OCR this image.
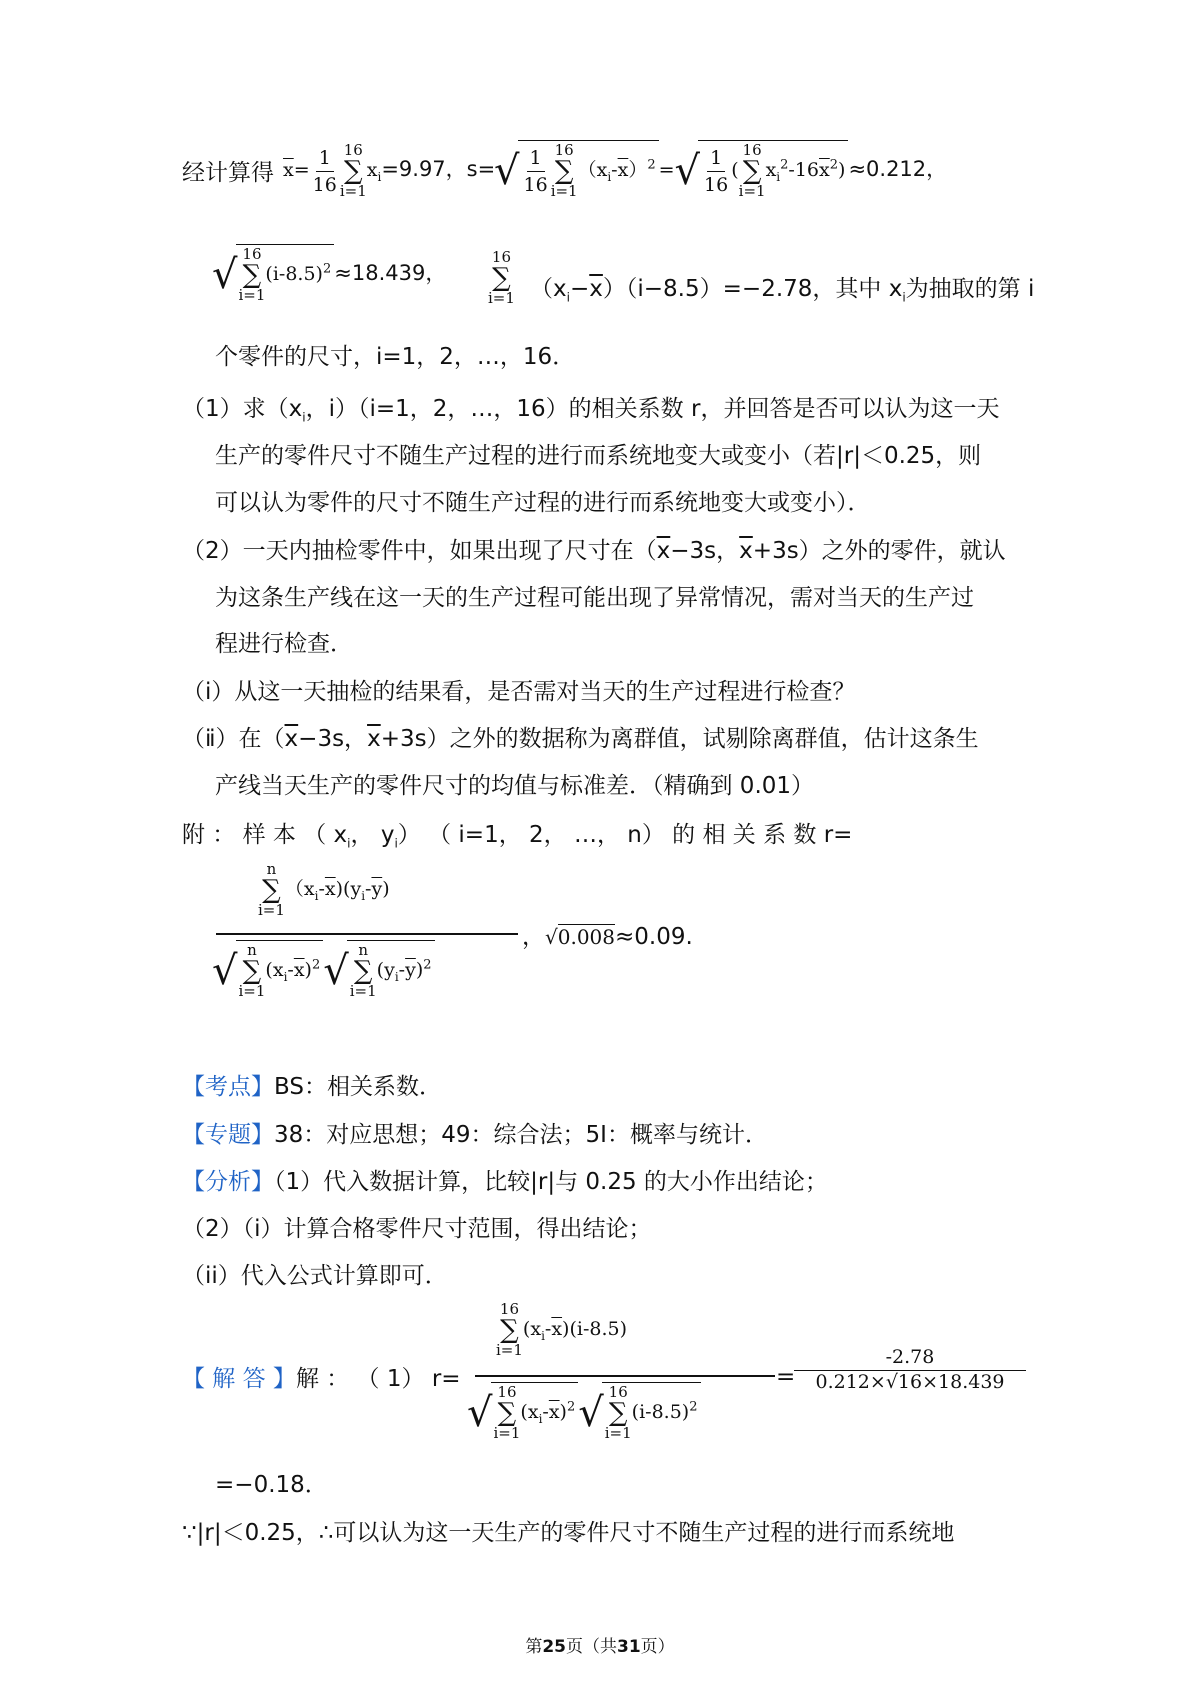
经计算得 $\overline{x}= \frac{1}{16} 16$
∑
i=1
$x_i=9.97$，s=
√ $\frac{1}{16} 16$
∑
i=1
$(x_i-\overline{x})^2$ =√ $\frac{1}{16}$ (
16
∑
i=1
$x_i^2-16\overline{x}^2) \approx 0.212$，
√ 16
∑
i=1
$(i-8.5)^2 \approx 18.439$，
16
∑
i=1 $(x_i-\overline{x})(i-8.5)=-2.78$，其中 $x_i$为抽取的第 i
个零件的尺寸，i=1，2，…，16．
（1）求（$x_i$，i）（i=1，2，…，16）的相关系数 r，并回答是否可以认为这一天
生产的零件尺寸不随生产过程的进行而系统地变大或变小（若|r|＜0.25，则
可以认为零件的尺寸不随生产过程的进行而系统地变大或变小）．
（2）一天内抽检零件中，如果出现了尺寸在（$\overline{x}-3s$，$\overline{x}+3s$）之外的零件，就认
为这条生产线在这一天的生产过程可能出现了异常情况，需对当天的生产过
程进行检查．
（ⅰ）从这一天抽检的结果看，是否需对当天的生产过程进行检查？
（ⅱ）在（$\overline{x}-3s$，$\overline{x}+3s$）之外的数据称为离群值，试剔除离群值，估计这条生
产线当天生产的零件尺寸的均值与标准差．（精确到 0.01）
附 ： 样 本 （ $x_i$， $y_i$） （ i=1， 2， …， n） 的 相 关 系 数 r=
n
∑
i=1
$(x_i-\overline{x})(y_i-\overline{y})$
√ n
∑
i=1
$(x_i-\overline{x})^2√$ n
∑
i=1
$(y_i-\overline{y})^2$
，√0.008≈0.09.
【考点】BS：相关系数．
【专题】38：对应思想；49：综合法；5I：概率与统计．
【分析】（1）代入数据计算，比较|r|与 0.25 的大小作出结论；
（2）（i）计算合格零件尺寸范围，得出结论；
（ii）代入公式计算即可．
【 解 答 】解 ： （ 1） r=
16
∑
i=1
$(x_i-\overline{x})(i-8.5)$
√ 16
∑
i=1
$(x_i-\overline{x})^2√$ 16
∑
i=1
$(i-8.5)^2$
=
$\frac{-2.78}{0.212\times√16\times 18.439}$
=−0.18．
∵|r|＜0.25，∴可以认为这一天生产的零件尺寸不随生产过程的进行而系统地
第25页（共31页）
